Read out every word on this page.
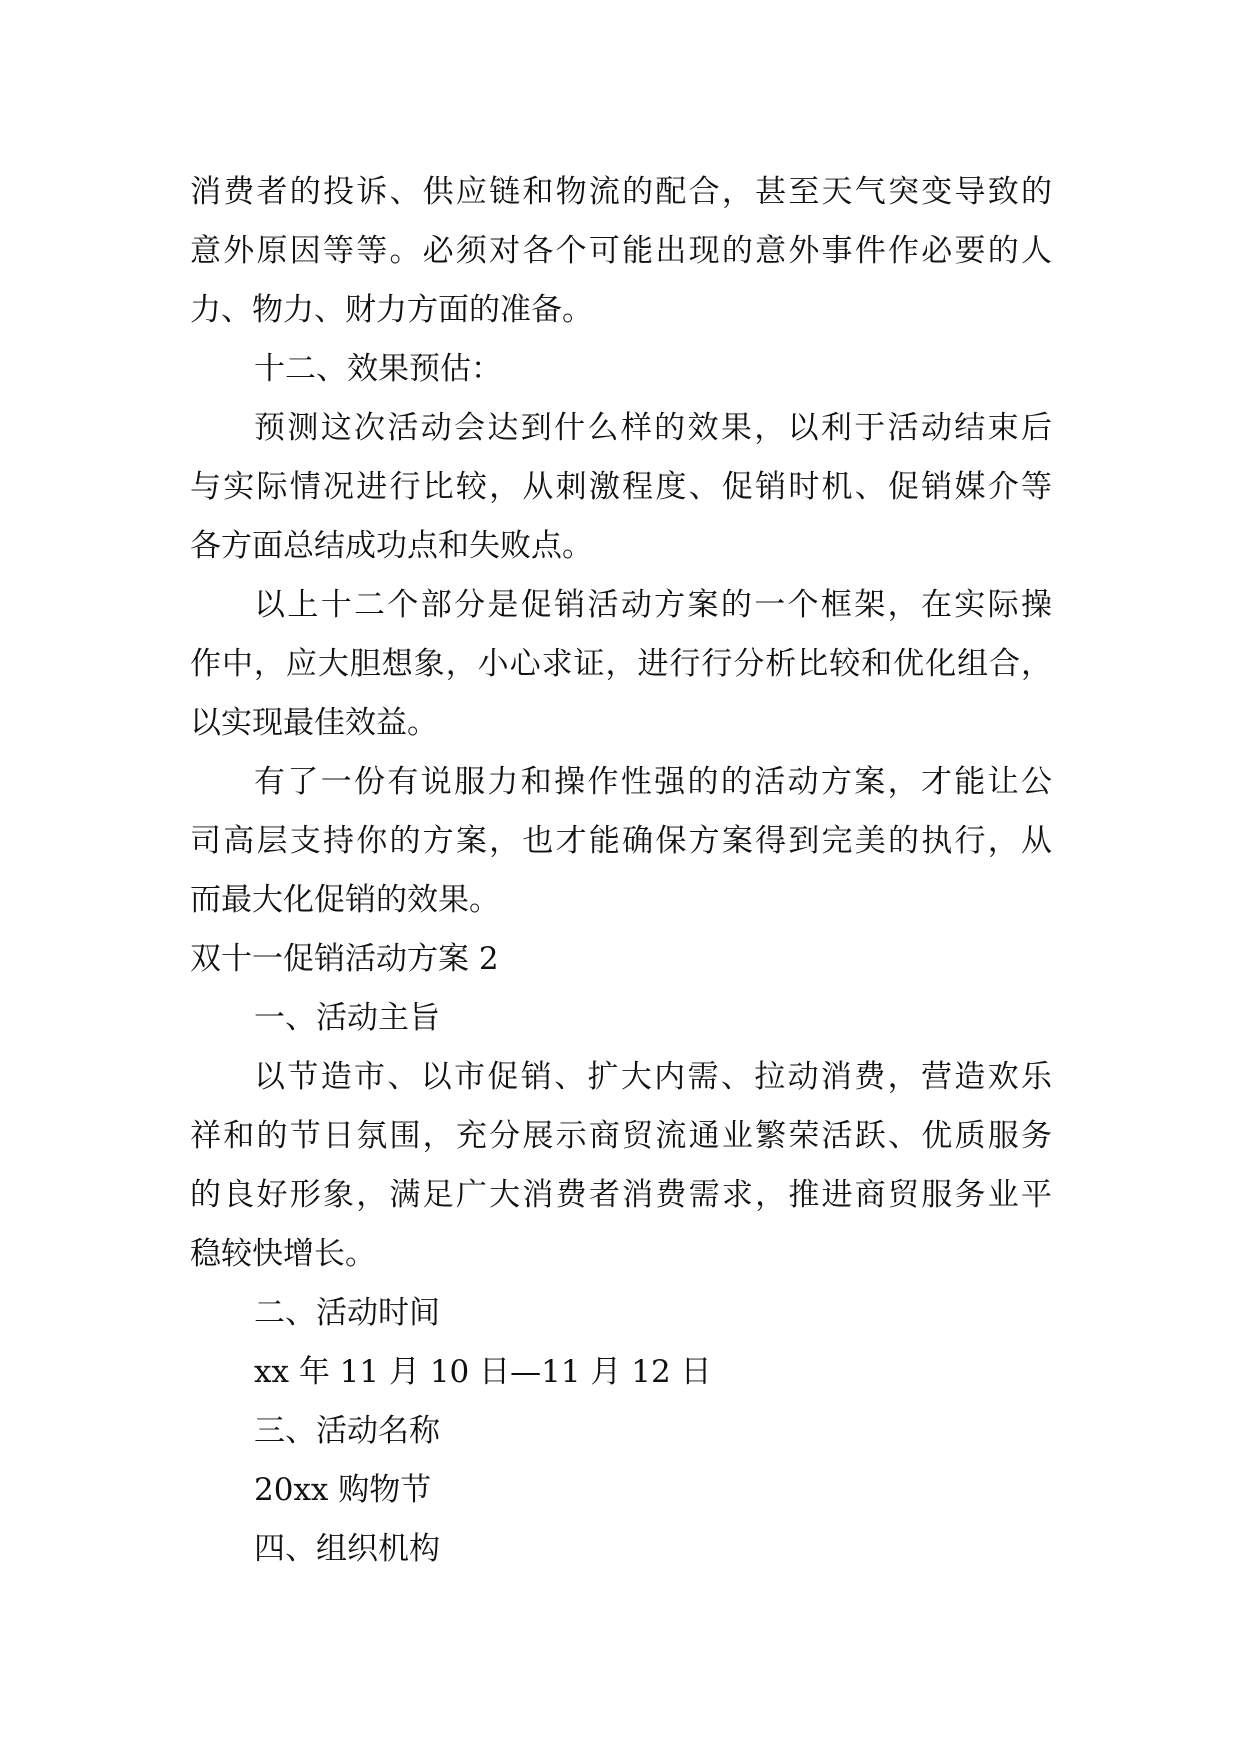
消费者的投诉、供应链和物流的配合，甚至天气突变导致的
意外原因等等。必须对各个可能出现的意外事件作必要的人
力、物力、财力方面的准备。
十二、效果预估：
预测这次活动会达到什么样的效果，以利于活动结束后
与实际情况进行比较，从刺激程度、促销时机、促销媒介等
各方面总结成功点和失败点。
以上十二个部分是促销活动方案的一个框架，在实际操
作中，应大胆想象，小心求证，进行行分析比较和优化组合，
以实现最佳效益。
有了一份有说服力和操作性强的的活动方案，才能让公
司高层支持你的方案，也才能确保方案得到完美的执行，从
而最大化促销的效果。
双十一促销活动方案 2
一、活动主旨
以节造市、以市促销、扩大内需、拉动消费，营造欢乐
祥和的节日氛围，充分展示商贸流通业繁荣活跃、优质服务
的良好形象，满足广大消费者消费需求，推进商贸服务业平
稳较快增长。
二、活动时间
xx 年 11 月 10 日—11 月 12 日
三、活动名称
20xx 购物节
四、组织机构
